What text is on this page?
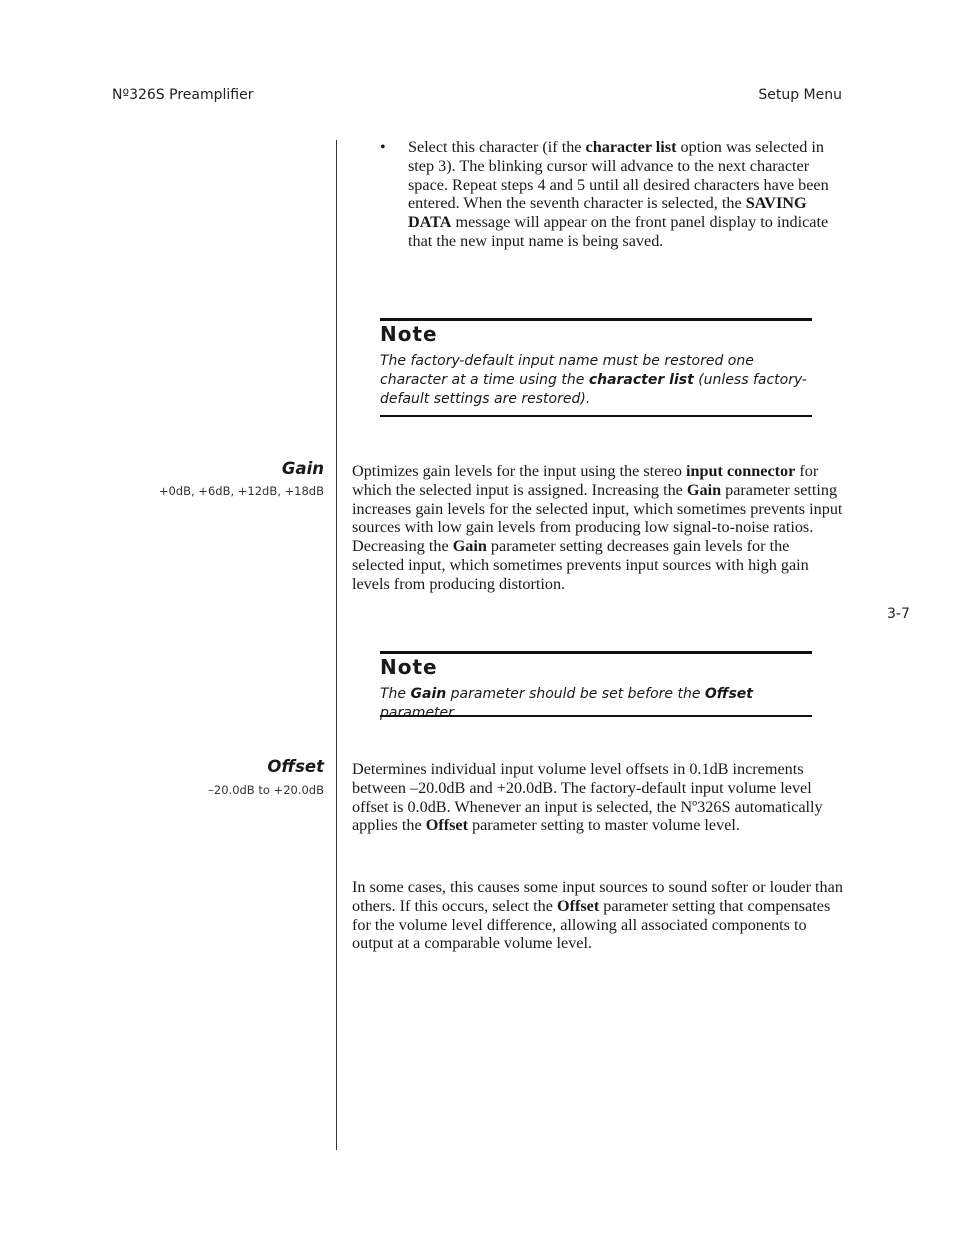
Nº326S Preamplifier	Setup Menu
• Select this character (if the character list option was selected in step 3). The blinking cursor will advance to the next character space. Repeat steps 4 and 5 until all desired characters have been entered. When the seventh character is selected, the SAVING DATA message will appear on the front panel display to indicate that the new input name is being saved.
Note
The factory-default input name must be restored one character at a time using the character list (unless factory-default settings are restored).
Gain
+0dB, +6dB, +12dB, +18dB
Optimizes gain levels for the input using the stereo input connector for which the selected input is assigned. Increasing the Gain parameter setting increases gain levels for the selected input, which sometimes prevents input sources with low gain levels from producing low signal-to-noise ratios. Decreasing the Gain parameter setting decreases gain levels for the selected input, which sometimes prevents input sources with high gain levels from producing distortion.
3-7
Note
The Gain parameter should be set before the Offset parameter.
Offset
–20.0dB to +20.0dB
Determines individual input volume level offsets in 0.1dB increments between –20.0dB and +20.0dB. The factory-default input volume level offset is 0.0dB. Whenever an input is selected, the Nº326S automatically applies the Offset parameter setting to master volume level.
In some cases, this causes some input sources to sound softer or louder than others. If this occurs, select the Offset parameter setting that compensates for the volume level difference, allowing all associated components to output at a comparable volume level.
